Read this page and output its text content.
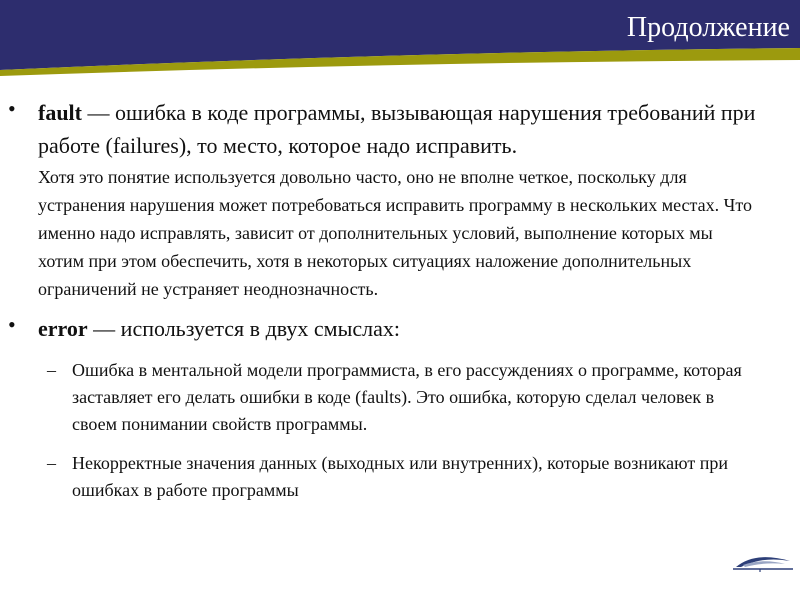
Продолжение
• fault — ошибка в коде программы, вызывающая нарушения требований при работе (failures), то место, которое надо исправить.
Хотя это понятие используется довольно часто, оно не вполне четкое, поскольку для устранения нарушения может потребоваться исправить программу в нескольких местах. Что именно надо исправлять, зависит от дополнительных условий, выполнение которых мы хотим при этом обеспечить, хотя в некоторых ситуациях наложение дополнительных ограничений не устраняет неоднозначность.
• error — используется в двух смыслах:
– Ошибка в ментальной модели программиста, в его рассуждениях о программе, которая заставляет его делать ошибки в коде (faults). Это ошибка, которую сделал человек в своем понимании свойств программы.
– Некорректные значения данных (выходных или внутренних), которые возникают при ошибках в работе программы
